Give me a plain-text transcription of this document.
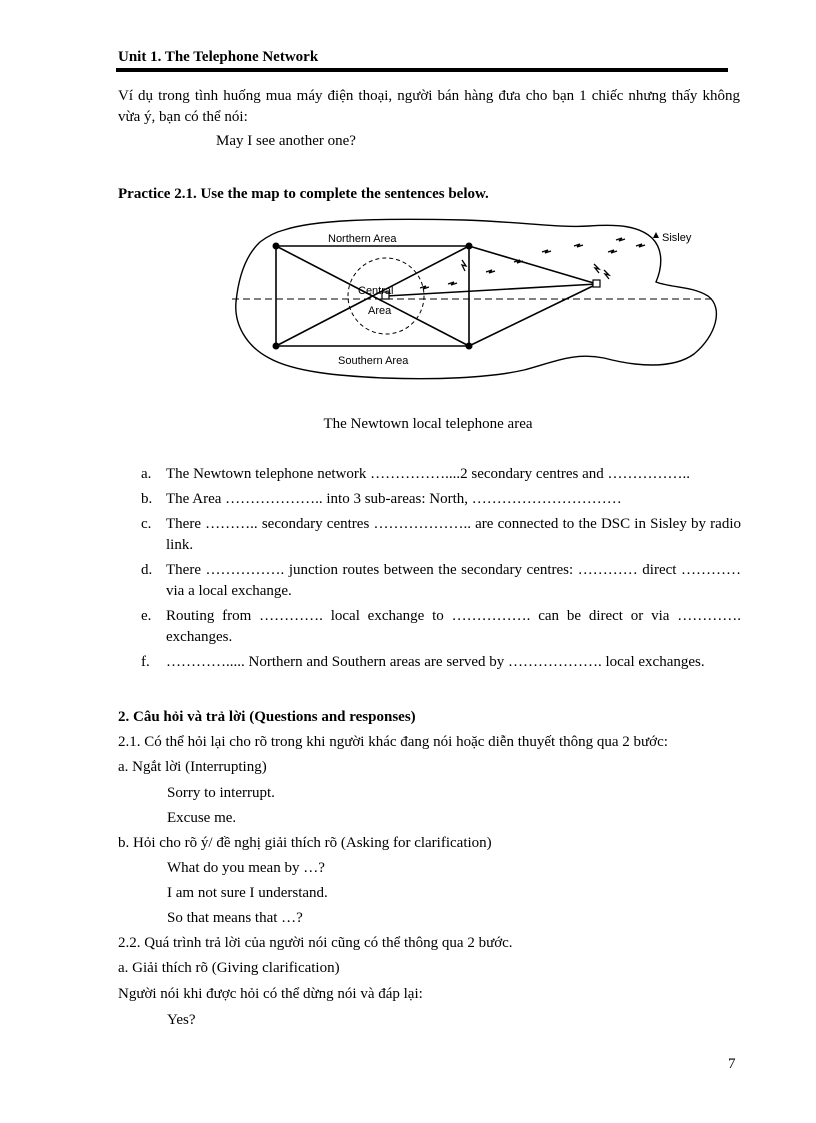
Unit 1. The Telephone Network
Ví dụ trong tình huống mua máy điện thoại, người bán hàng đưa cho bạn 1 chiếc nhưng thấy không vừa ý, bạn có thể nói:
May I see another one?
Practice 2.1. Use the map to complete the sentences below.
Northern Area
Central
Area
Southern Area
Sisley
The Newtown local telephone area
a. The Newtown telephone network ……………....2 secondary centres and ……………..
b. The Area ……………….. into 3 sub-areas: North, …………………………
c. There ……….. secondary centres ……………….. are connected to the DSC in Sisley by radio link.
d. There ……………. junction routes between the secondary centres: ………… direct ………… via a local exchange.
e. Routing from …………. local exchange to ……………. can be direct or via …………. exchanges.
f. …………..... Northern and Southern areas are served by ………………. local exchanges.
2. Câu hỏi và trả lời (Questions and responses)
2.1. Có thể hỏi lại cho rõ trong khi người khác đang nói hoặc diễn thuyết thông qua 2 bước:
a. Ngắt lời (Interrupting)
Sorry to interrupt.
Excuse me.
b. Hỏi cho rõ ý/ đề nghị giải thích rõ (Asking for clarification)
What do you mean by …?
I am not sure I understand.
So that means that …?
2.2. Quá trình trả lời của người nói cũng có thể thông qua 2 bước.
a. Giải thích rõ (Giving clarification)
Người nói khi được hỏi có thể dừng nói và đáp lại:
Yes?
7
